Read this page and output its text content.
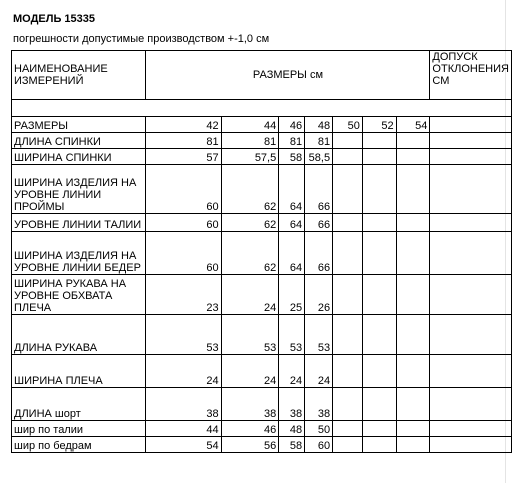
МОДЕЛЬ 15335
погрешности допустимые производством +-1,0 см
НАИМЕНОВАНИЕ ИЗМЕРЕНИЙ	РАЗМЕРЫ см							ДОПУСК ОТКЛОНЕНИЯ СМ

РАЗМЕРЫ	42	44	46	48	50	52	54	
ДЛИНА СПИНКИ	81	81	81	81				
ШИРИНА СПИНКИ	57	57,5	58	58,5				
ШИРИНА ИЗДЕЛИЯ НА УРОВНЕ ЛИНИИ ПРОЙМЫ	60	62	64	66				
УРОВНЕ ЛИНИИ ТАЛИИ	60	62	64	66				
ШИРИНА ИЗДЕЛИЯ НА УРОВНЕ ЛИНИИ БЕДЕР	60	62	64	66				
ШИРИНА РУКАВА НА УРОВНЕ ОБХВАТА ПЛЕЧА	23	24	25	26				
ДЛИНА РУКАВА	53	53	53	53				
ШИРИНА ПЛЕЧА	24	24	24	24				
ДЛИНА шорт	38	38	38	38				
шир по талии	44	46	48	50				
шир по бедрам	54	56	58	60				
